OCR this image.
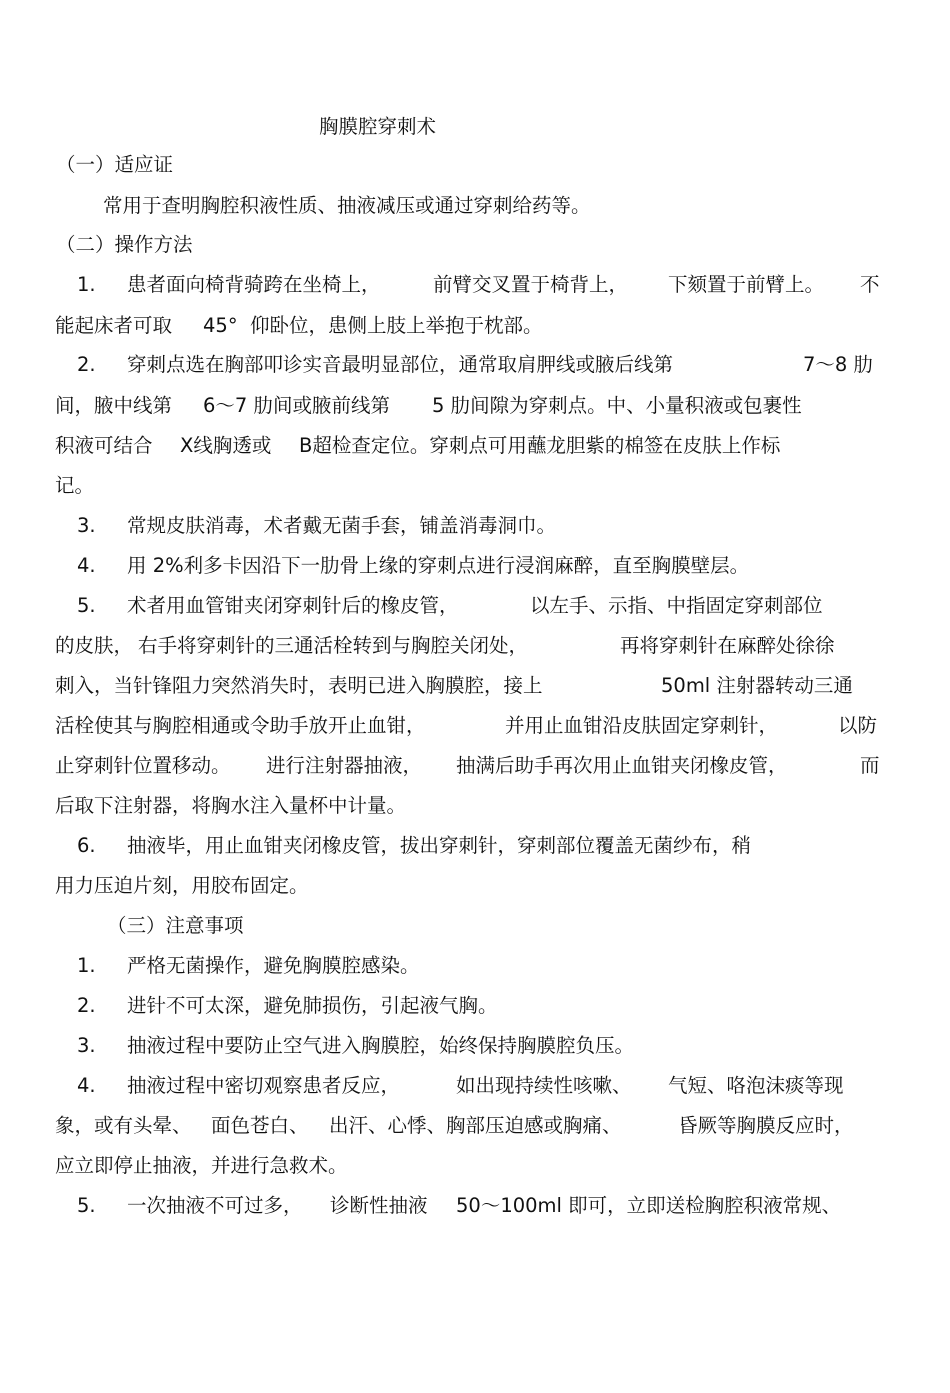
胸膜腔穿刺术

（一）适应证

常用于查明胸腔积液性质、抽液减压或通过穿刺给药等。

（二）操作方法

1.

患者面向椅背骑跨在坐椅上，

	前臂交叉置于椅背上，

下颏置于前臂上。

不

能起床者可取

45°

仰卧位，患侧上肢上举抱于枕部。

2.

穿刺点选在胸部叩诊实音最明显部位，通常取肩胛线或腋后线第

	7～8 肋

间，腋中线第

6～7 肋间或腋前线第

5 肋间隙为穿刺点。中、小量积液或包裹性

积液可结合

X线胸透或

B超检查定位。穿刺点可用蘸龙胆紫的棉签在皮肤上作标

记。

3.

常规皮肤消毒，术者戴无菌手套，铺盖消毒洞巾。

4.

用 2%利多卡因沿下一肋骨上缘的穿刺点进行浸润麻醉，直至胸膜壁层。

5.

术者用血管钳夹闭穿刺针后的橡皮管，

	以左手、示指、中指固定穿刺部位

的皮肤，

右手将穿刺针的三通活栓转到与胸腔关闭处，

	再将穿刺针在麻醉处徐徐

刺入，当针锋阻力突然消失时，表明已进入胸膜腔，接上

	50ml 注射器转动三通

活栓使其与胸腔相通或令助手放开止血钳，

	并用止血钳沿皮肤固定穿刺针，

	以防

止穿刺针位置移动。

进行注射器抽液，

抽满后助手再次用止血钳夹闭橡皮管，

	而

后取下注射器，将胸水注入量杯中计量。

6.

抽液毕，用止血钳夹闭橡皮管，拔出穿刺针，穿刺部位覆盖无菌纱布，稍

用力压迫片刻，用胶布固定。

（三）注意事项

1.

严格无菌操作，避免胸膜腔感染。

2.

进针不可太深，避免肺损伤，引起液气胸。

3.

抽液过程中要防止空气进入胸膜腔，始终保持胸膜腔负压。

4.

抽液过程中密切观察患者反应，

	如出现持续性咳嗽、

气短、咯泡沫痰等现

象，或有头晕、

面色苍白、

出汗、心悸、胸部压迫感或胸痛、

	昏厥等胸膜反应时，

应立即停止抽液，并进行急救术。

5.

一次抽液不可过多，

诊断性抽液

50～100ml 即可，立即送检胸腔积液常规、
